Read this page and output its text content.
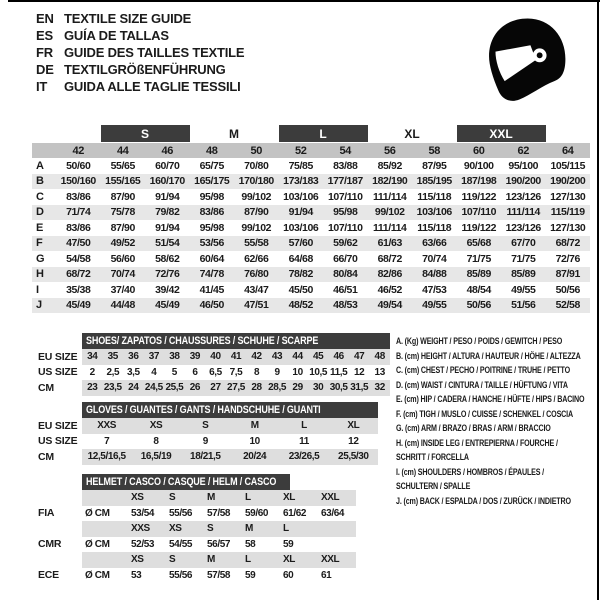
EN TEXTILE SIZE GUIDE
ES GUÍA DE TALLAS
FR GUIDE DES TAILLES TEXTILE
DE TEXTILGRÖßENFÜHRUNG
IT	GUIDA ALLE TAGLIE TESSILI
S	M	L	XL	XXL
42	44	46	48	50	52	54	56	58	60	62	64
A	50/60	55/65	60/70	65/75	70/80	75/85	83/88	85/92	87/95	90/100	95/100	105/115
B	150/160 155/165 160/170 165/175 170/180 173/183 177/187 182/190 185/195 187/198 190/200 190/200
C	83/86	87/90	91/94	95/98	99/102	103/106 107/110	111/114	115/118 119/122 123/126 127/130
D	71/74	75/78	79/82	83/86	87/90	91/94	95/98	99/102	103/106 107/110	111/114	115/119
E	83/86	87/90	91/94	95/98	99/102	103/106 107/110	111/114	115/118 119/122 123/126 127/130
F	47/50	49/52	51/54	53/56	55/58	57/60	59/62	61/63	63/66	65/68	67/70	68/72
G	54/58	56/60	58/62	60/64	62/66	64/68	66/70	68/72	70/74	71/75	71/75	72/76
H	68/72	70/74	72/76	74/78	76/80	78/82	80/84	82/86	84/88	85/89	85/89	87/91
I	35/38	37/40	39/42	41/45	43/47	45/50	46/51	46/52	47/53	48/54	49/55	50/56
J	45/49	44/48	45/49	46/50	47/51	48/52	48/53	49/54	49/55	50/56	51/56	52/58
SHOES/ ZAPATOS / CHAUSSURES / SCHUHE / SCARPE
EU SIZE 34	35	36	37	38	39	40	41	42	43	44	45	46	47	48
US SIZE	2	2,5 3,5	4	5	6	6,5 7,5	8	9	10 10,5 11,5 12	13
CM	23 23,5 24 24,5 25,5 26	27 27,5 28 28,5 29	30 30,5 31,5 32
GLOVES / GUANTES / GANTS / HANDSCHUHE / GUANTI
EU SIZE	XXS	XS	S	M	L	XL
US SIZE	7	8	9	10	11	12
CM	12,5/16,5	16,5/19	18/21,5	20/24	23/26,5	25,5/30
HELMET / CASCO / CASQUE / HELM / CASCO
XS	S	M	L	XL	XXL
FIA	Ø CM	53/54	55/56	57/58	59/60	61/62	63/64
XXS	XS	S	M	L
CMR	Ø CM	52/53	54/55	56/57	58	59
XS	S	M	L	XL	XXL
ECE	Ø CM	53	55/56	57/58	59	60	61
A. (Kg) WEIGHT / PESO / POIDS / GEWITCH / PESO
B. (cm) HEIGHT / ALTURA / HAUTEUR / HÖHE / ALTEZZA
C. (cm) CHEST / PECHO / POITRINE / TRUHE / PETTO
D. (cm) WAIST / CINTURA / TAILLE / HÜFTUNG / VITA
E. (cm) HIP / CADERA / HANCHE / HÜFTE / HIPS / BACINO
F. (cm) TIGH / MUSLO / CUISSE / SCHENKEL / COSCIA
G. (cm) ARM / BRAZO / BRAS / ARM / BRACCIO
H. (cm) INSIDE LEG / ENTREPIERNA / FOURCHE /
SCHRITT / FORCELLA
I. (cm) SHOULDERS / HOMBROS / ÉPAULES /
SCHULTERN / SPALLE
J. (cm) BACK / ESPALDA / DOS / ZURÜCK / INDIETRO
